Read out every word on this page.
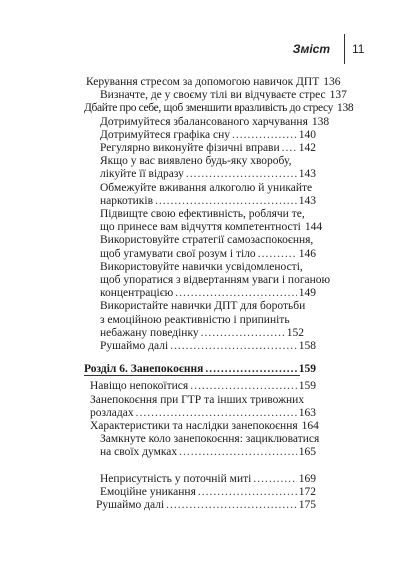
Зміст 11
Керування стресом за допомогою навичок ДПТ 136
Визначте, де у своєму тілі ви відчуваєте стрес 137
Дбайте про себе, щоб зменшити вразливість до стресу 138
Дотримуйтеся збалансованого харчування 138
Дотримуйтеся графіка сну .....	140
Регулярно виконуйте фізичні вправи ..... 142
Якщо у вас виявлено будь-яку хворобу,
лікуйте її відразу .....	143
Обмежуйте вживання алкоголю й уникайте
наркотиків .....	143
Підвищте свою ефективність, роблячи те,
що принесе вам відчуття компетентності 144
Використовуйте стратегії самозаспокоєння,
щоб угамувати свої розум і тіло .....	146
Використовуйте навички усвідомленості,
щоб упоратися з відвертанням уваги і поганою
концентрацією .....	149
Використайте навички ДПТ для боротьби
з емоційною реактивністю і припиніть
небажану поведінку .....	152
Рушаймо далі .....	158
Розділ 6 . Занепокоєння .....	159
Навіщо непокоїтися .....	159
Занепокоєння при ГТР та інших тривожних
розладах .....	163
Характеристики та наслідки занепокоєння 164
Замкнуте коло занепокоєння: зациклюватися
на своїх думках .....	165
Неприсутність у поточній миті .....	169
Емоційне уникання .....	172
Рушаймо далі .....	175
